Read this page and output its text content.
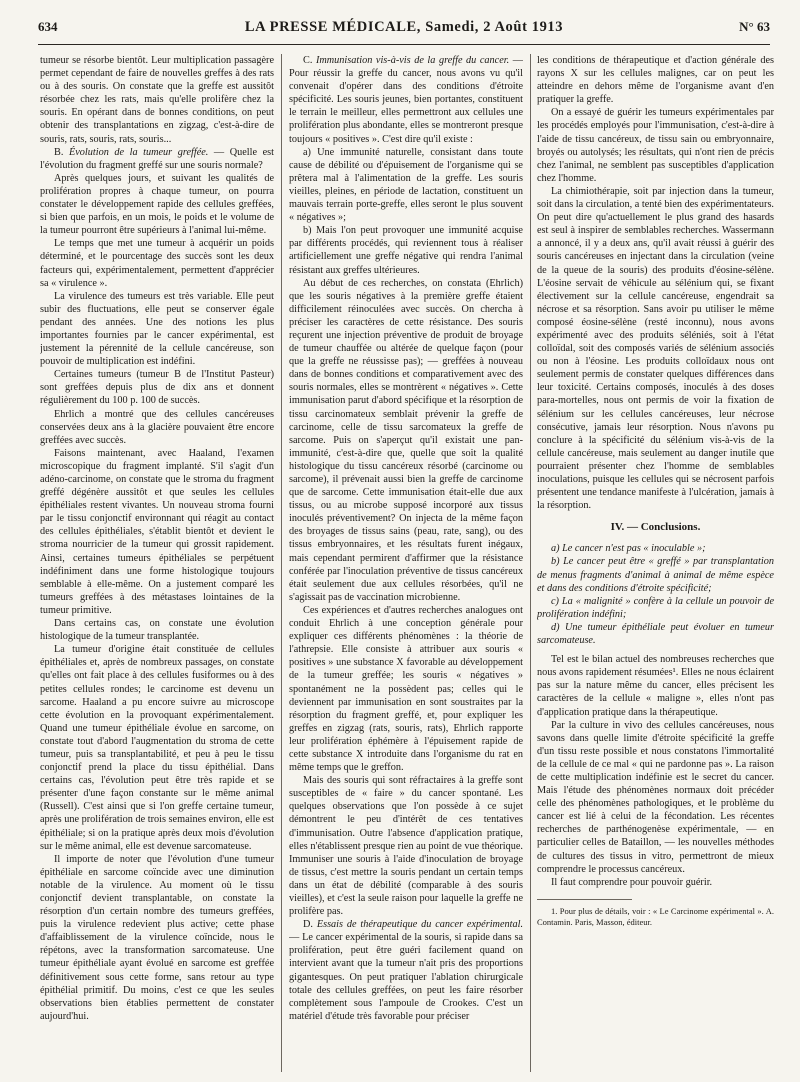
634	LA PRESSE MÉDICALE, Samedi, 2 Août 1913	N° 63

tumeur se résorbe bientôt. Leur multiplication passagère permet cependant de faire de nouvelles greffes à des rats ou à des souris. On constate que la greffe est aussitôt résorbée chez les rats, mais qu'elle prolifère chez la souris. En opérant dans de bonnes conditions, on peut obtenir des transplantations en zigzag, c'est-à-dire de souris, rats, souris, rats, souris...

B. Évolution de la tumeur greffée. — Quelle est l'évolution du fragment greffé sur une souris normale?

Après quelques jours, et suivant les qualités de prolifération propres à chaque tumeur, on pourra constater le développement rapide des cellules greffées, si bien que parfois, en un mois, le poids et le volume de la tumeur pourront être supérieurs à l'animal lui-même.

Le temps que met une tumeur à acquérir un poids déterminé, et le pourcentage des succès sont les deux facteurs qui, expérimentalement, permettent d'apprécier sa « virulence ».

La virulence des tumeurs est très variable. Elle peut subir des fluctuations, elle peut se conserver égale pendant des années. Une des notions les plus importantes fournies par le cancer expérimental, est justement la pérennité de la cellule cancéreuse, son pouvoir de multiplication est indéfini.

Certaines tumeurs (tumeur B de l'Institut Pasteur) sont greffées depuis plus de dix ans et donnent régulièrement du 100 p. 100 de succès.

Ehrlich a montré que des cellules cancéreuses conservées deux ans à la glacière pouvaient être encore greffées avec succès.

Faisons maintenant, avec Haaland, l'examen microscopique du fragment implanté. S'il s'agit d'un adéno-carcinome, on constate que le stroma du fragment greffé dégénère aussitôt et que seules les cellules épithéliales restent vivantes. Un nouveau stroma fourni par le tissu conjonctif environnant qui réagit au contact des cellules épithéliales, s'établit bientôt et devient le stroma nourricier de la tumeur qui grossit rapidement. Ainsi, certaines tumeurs épithéliales se perpétuent indéfiniment dans une forme histologique toujours semblable à elle-même. On a justement comparé les tumeurs greffées à des métastases lointaines de la tumeur primitive.

Dans certains cas, on constate une évolution histologique de la tumeur transplantée.

La tumeur d'origine était constituée de cellules épithéliales et, après de nombreux passages, on constate qu'elles ont fait place à des cellules fusiformes ou à des petites cellules rondes; le carcinome est devenu un sarcome. Haaland a pu encore suivre au microscope cette évolution en la provoquant expérimentalement. Quand une tumeur épithéliale évolue en sarcome, on constate tout d'abord l'augmentation du stroma de cette tumeur, puis sa transplantabilité, et peu à peu le tissu conjonctif prend la place du tissu épithélial. Dans certains cas, l'évolution peut être très rapide et se présenter d'une façon constante sur le même animal (Russell). C'est ainsi que si l'on greffe certaine tumeur, après une prolifération de trois semaines environ, elle est épithéliale; si on la pratique après deux mois d'évolution sur le même animal, elle est devenue sarcomateuse.

Il importe de noter que l'évolution d'une tumeur épithéliale en sarcome coïncide avec une diminution notable de la virulence. Au moment où le tissu conjonctif devient transplantable, on constate la résorption d'un certain nombre des tumeurs greffées, puis la virulence redevient plus active; cette phase d'affaiblissement de la virulence coïncide, nous le répétons, avec la transformation sarcomateuse. Une tumeur épithéliale ayant évolué en sarcome est greffée définitivement sous cette forme, sans retour au type épithélial primitif. Du moins, c'est ce que les seules observations bien établies permettent de constater aujourd'hui.

C. Immunisation vis-à-vis de la greffe du cancer. — Pour réussir la greffe du cancer, nous avons vu qu'il convenait d'opérer dans des conditions d'étroite spécificité. Les souris jeunes, bien portantes, constituent le terrain le meilleur, elles permettront aux cellules une prolifération plus abondante, elles se montreront presque toujours « positives ». C'est dire qu'il existe :

a) Une immunité naturelle, consistant dans toute cause de débilité ou d'épuisement de l'organisme qui se prêtera mal à l'alimentation de la greffe. Les souris vieilles, pleines, en période de lactation, constituent un mauvais terrain porte-greffe, elles seront le plus souvent « négatives »;

b) Mais l'on peut provoquer une immunité acquise par différents procédés, qui reviennent tous à réaliser artificiellement une greffe négative qui rendra l'animal résistant aux greffes ultérieures.

Au début de ces recherches, on constata (Ehrlich) que les souris négatives à la première greffe étaient difficilement réinoculées avec succès. On chercha à préciser les caractères de cette résistance. Des souris reçurent une injection préventive de produit de broyage de tumeur chauffée ou altérée de quelque façon (pour que la greffe ne réussisse pas); — greffées à nouveau dans de bonnes conditions et comparativement avec des souris normales, elles se montrèrent « négatives ». Cette immunisation parut d'abord spécifique et la résorption de tissu carcinomateux semblait prévenir la greffe de carcinome, celle de tissu sarcomateux la greffe de sarcome. Puis on s'aperçut qu'il existait une pan-immunité, c'est-à-dire que, quelle que soit la qualité histologique du tissu cancéreux résorbé (carcinome ou sarcome), il prévenait aussi bien la greffe de carcinome que de sarcome. Cette immunisation était-elle due aux tissus, ou au microbe supposé incorporé aux tissus inoculés préventivement? On injecta de la même façon des broyages de tissus sains (peau, rate, sang), ou des tissus embryonnaires, et les résultats furent inégaux, mais cependant permirent d'affirmer que la résistance conférée par l'inoculation préventive de tissus cancéreux était seulement due aux cellules résorbées, qu'il ne s'agissait pas de vaccination microbienne.

Ces expériences et d'autres recherches analogues ont conduit Ehrlich à une conception générale pour expliquer ces différents phénomènes : la théorie de l'athrepsie. Elle consiste à attribuer aux souris « positives » une substance X favorable au développement de la tumeur greffée; les souris « négatives » spontanément ne la possèdent pas; celles qui le deviennent par immunisation en sont soustraites par la résorption du fragment greffé, et, pour expliquer les greffes en zigzag (rats, souris, rats), Ehrlich rapporte leur prolifération éphémère à l'épuisement rapide de cette substance X introduite dans l'organisme du rat en même temps que le greffon.

Mais des souris qui sont réfractaires à la greffe sont susceptibles de « faire » du cancer spontané. Les quelques observations que l'on possède à ce sujet démontrent le peu d'intérêt de ces tentatives d'immunisation. Outre l'absence d'application pratique, elles n'établissent presque rien au point de vue théorique. Immuniser une souris à l'aide d'inoculation de broyage de tissus, c'est mettre la souris pendant un certain temps dans un état de débilité (comparable à des souris vieilles), et c'est la seule raison pour laquelle la greffe ne prolifère pas.

D. Essais de thérapeutique du cancer expérimental. — Le cancer expérimental de la souris, si rapide dans sa prolifération, peut être guéri facilement quand on intervient avant que la tumeur n'ait pris des proportions gigantesques. On peut pratiquer l'ablation chirurgicale totale des cellules greffées, on peut les faire résorber complètement sous l'ampoule de Crookes. C'est un matériel d'étude très favorable pour préciser

les conditions de thérapeutique et d'action générale des rayons X sur les cellules malignes, car on peut les atteindre en dehors même de l'organisme avant d'en pratiquer la greffe.

On a essayé de guérir les tumeurs expérimentales par les procédés employés pour l'immunisation, c'est-à-dire à l'aide de tissu cancéreux, de tissu sain ou embryonnaire, broyés ou autolysés; les résultats, qui n'ont rien de précis chez l'animal, ne semblent pas susceptibles d'application chez l'homme.

La chimiothérapie, soit par injection dans la tumeur, soit dans la circulation, a tenté bien des expérimentateurs. On peut dire qu'actuellement le plus grand des hasards est seul à inspirer de semblables recherches. Wassermann a annoncé, il y a deux ans, qu'il avait réussi à guérir des souris cancéreuses en injectant dans la circulation (veine de la queue de la souris) des produits d'éosine-sélène. L'éosine servait de véhicule au sélénium qui, se fixant électivement sur la cellule cancéreuse, engendrait sa nécrose et sa résorption. Sans avoir pu utiliser le même composé éosine-sélène (resté inconnu), nous avons expérimenté avec des produits séléniés, soit à l'état colloïdal, soit des composés variés de sélénium associés ou non à l'éosine. Les produits colloïdaux nous ont seulement permis de constater quelques différences dans leur toxicité. Certains composés, inoculés à des doses para-mortelles, nous ont permis de voir la fixation de sélénium sur les cellules cancéreuses, leur nécrose consécutive, jamais leur résorption. Nous n'avons pu conclure à la spécificité du sélénium vis-à-vis de la cellule cancéreuse, mais seulement au danger inutile que pourraient présenter chez l'homme de semblables inoculations, puisque les cellules qui se nécrosent parfois présentent une tendance manifeste à l'ulcération, jamais à la résorption.

IV. — Conclusions.

a) Le cancer n'est pas « inoculable »;

b) Le cancer peut être « greffé » par transplantation de menus fragments d'animal à animal de même espèce et dans des conditions d'étroite spécificité;

c) La « malignité » confère à la cellule un pouvoir de prolifération indéfini;

d) Une tumeur épithéliale peut évoluer en tumeur sarcomateuse.

Tel est le bilan actuel des nombreuses recherches que nous avons rapidement résumées¹. Elles ne nous éclairent pas sur la nature même du cancer, elles précisent les caractères de la cellule « maligne », elles n'ont pas d'application pratique dans la thérapeutique.

Par la culture in vivo des cellules cancéreuses, nous savons dans quelle limite d'étroite spécificité la greffe d'un tissu reste possible et nous constatons l'immortalité de la cellule de ce mal « qui ne pardonne pas ». La raison de cette multiplication indéfinie est le secret du cancer. Mais l'étude des phénomènes normaux doit précéder celle des phénomènes pathologiques, et le problème du cancer est lié à celui de la fécondation. Les récentes recherches de parthénogenèse expérimentale, — en particulier celles de Bataillon, — les nouvelles méthodes de cultures des tissus in vitro, permettront de mieux comprendre le processus cancéreux.

Il faut comprendre pour pouvoir guérir.

1. Pour plus de détails, voir : « Le Carcinome expérimental ». A. Contamin. Paris, Masson, éditeur.
